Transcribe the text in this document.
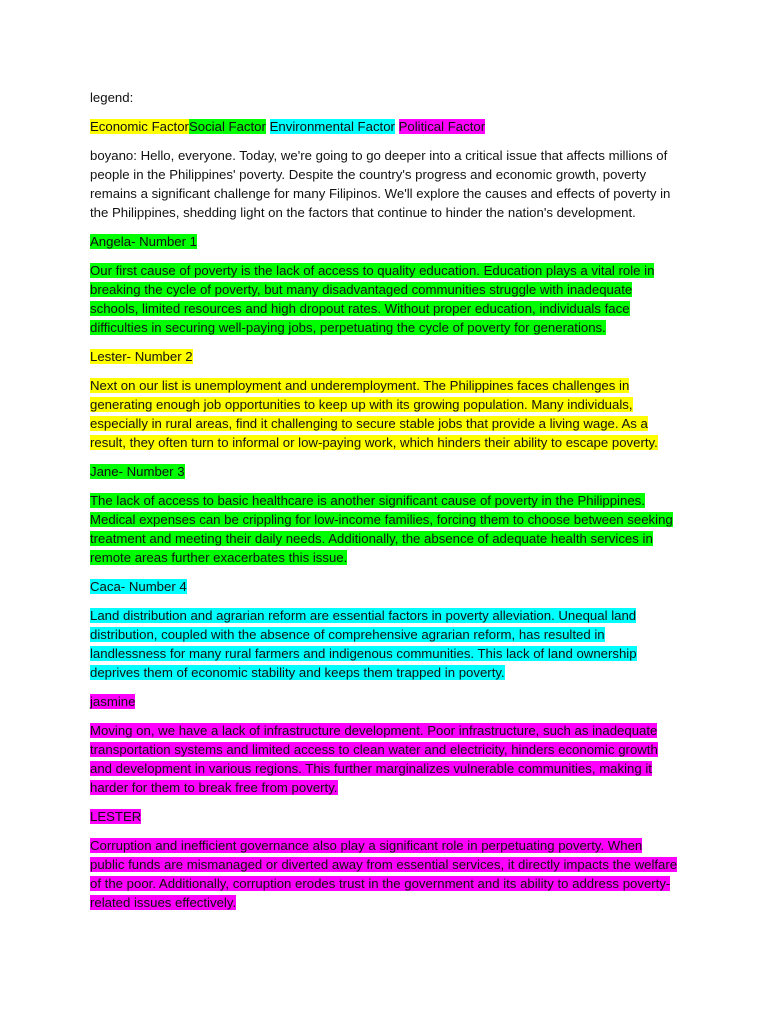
legend:

Economic FactorSocial Factor Environmental Factor Political Factor

boyano: Hello, everyone. Today, we're going to go deeper into a critical issue that affects millions of people in the Philippines' poverty. Despite the country's progress and economic growth, poverty remains a significant challenge for many Filipinos. We'll explore the causes and effects of poverty in the Philippines, shedding light on the factors that continue to hinder the nation's development.

Angela- Number 1

Our first cause of poverty is the lack of access to quality education. Education plays a vital role in breaking the cycle of poverty, but many disadvantaged communities struggle with inadequate schools, limited resources and high dropout rates. Without proper education, individuals face difficulties in securing well-paying jobs, perpetuating the cycle of poverty for generations.

Lester- Number 2

Next on our list is unemployment and underemployment. The Philippines faces challenges in generating enough job opportunities to keep up with its growing population. Many individuals, especially in rural areas, find it challenging to secure stable jobs that provide a living wage. As a result, they often turn to informal or low-paying work, which hinders their ability to escape poverty.

Jane- Number 3

The lack of access to basic healthcare is another significant cause of poverty in the Philippines. Medical expenses can be crippling for low-income families, forcing them to choose between seeking treatment and meeting their daily needs. Additionally, the absence of adequate health services in remote areas further exacerbates this issue.

Caca- Number 4

Land distribution and agrarian reform are essential factors in poverty alleviation. Unequal land distribution, coupled with the absence of comprehensive agrarian reform, has resulted in landlessness for many rural farmers and indigenous communities. This lack of land ownership deprives them of economic stability and keeps them trapped in poverty.

jasmine

Moving on, we have a lack of infrastructure development. Poor infrastructure, such as inadequate transportation systems and limited access to clean water and electricity, hinders economic growth and development in various regions. This further marginalizes vulnerable communities, making it harder for them to break free from poverty.

LESTER

Corruption and inefficient governance also play a significant role in perpetuating poverty. When public funds are mismanaged or diverted away from essential services, it directly impacts the welfare of the poor. Additionally, corruption erodes trust in the government and its ability to address poverty-related issues effectively.
